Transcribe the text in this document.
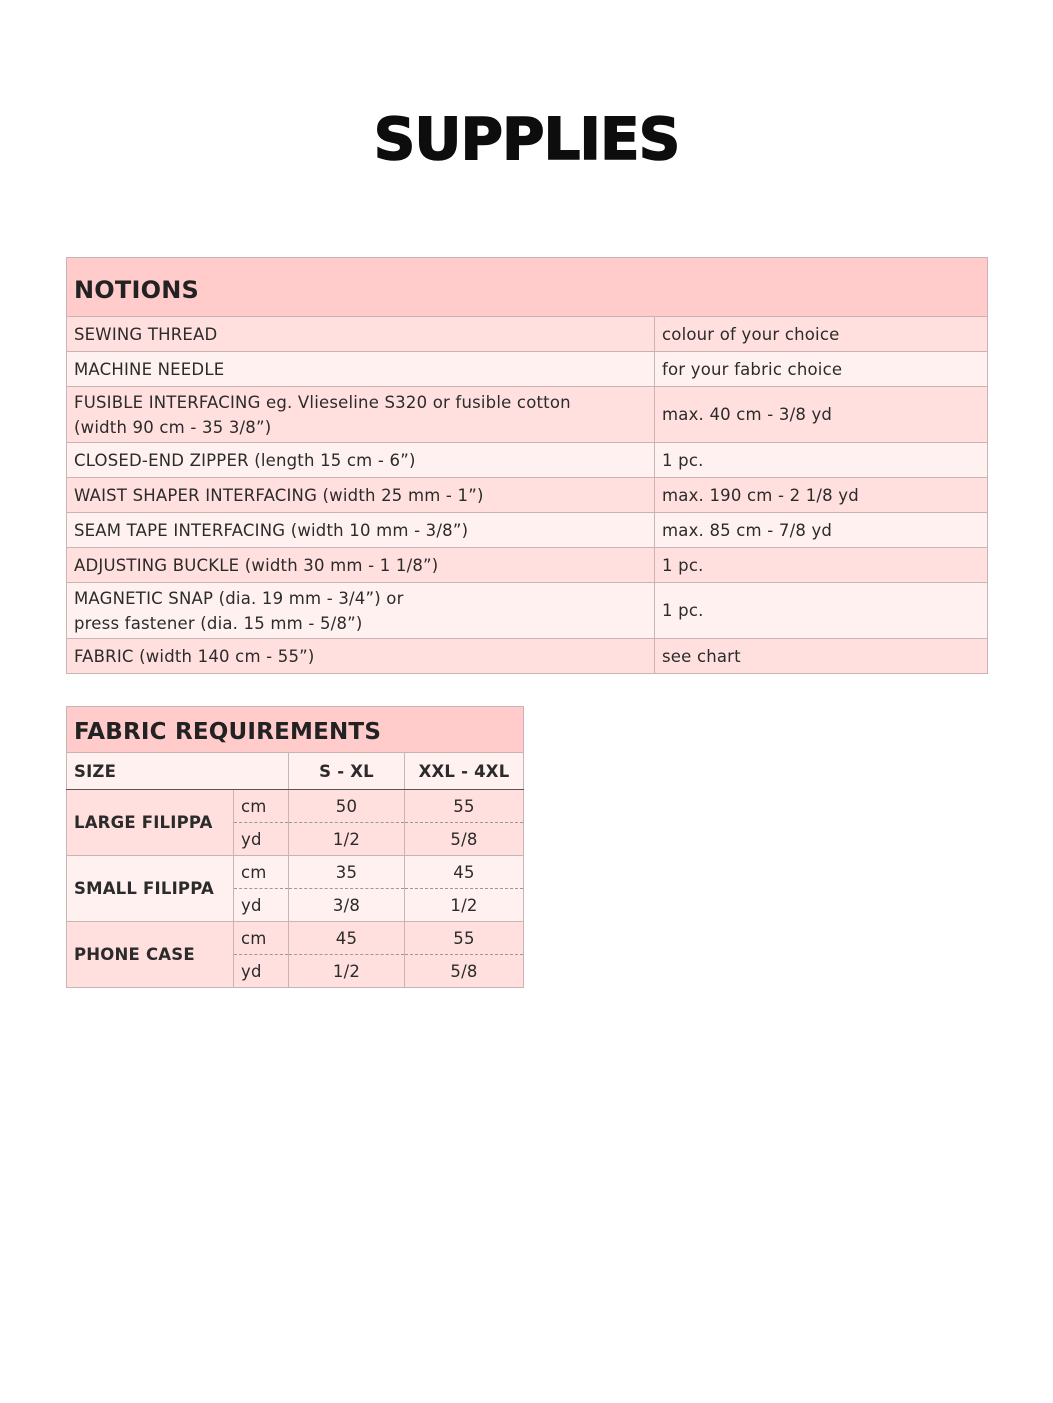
SUPPLIES
NOTIONS	
SEWING THREAD	colour of your choice
MACHINE NEEDLE	for your fabric choice
FUSIBLE INTERFACING eg. Vlieseline S320 or fusible cotton
(width 90 cm - 35 3/8”)	max. 40 cm - 3/8 yd
CLOSED-END ZIPPER (length 15 cm - 6”)	1 pc.
WAIST SHAPER INTERFACING (width 25 mm - 1”)	max. 190 cm - 2 1/8 yd
SEAM TAPE INTERFACING (width 10 mm - 3/8”)	max. 85 cm - 7/8 yd
ADJUSTING BUCKLE (width 30 mm - 1 1/8”)	1 pc.
MAGNETIC SNAP (dia. 19 mm - 3/4”) or
press fastener (dia. 15 mm - 5/8”)	1 pc.
FABRIC (width 140 cm - 55”)	see chart
FABRIC REQUIREMENTS			
SIZE		S - XL	XXL - 4XL
LARGE FILIPPA	cm	50	55
	yd	1/2	5/8
SMALL FILIPPA	cm	35	45
	yd	3/8	1/2
PHONE CASE	cm	45	55
	yd	1/2	5/8
